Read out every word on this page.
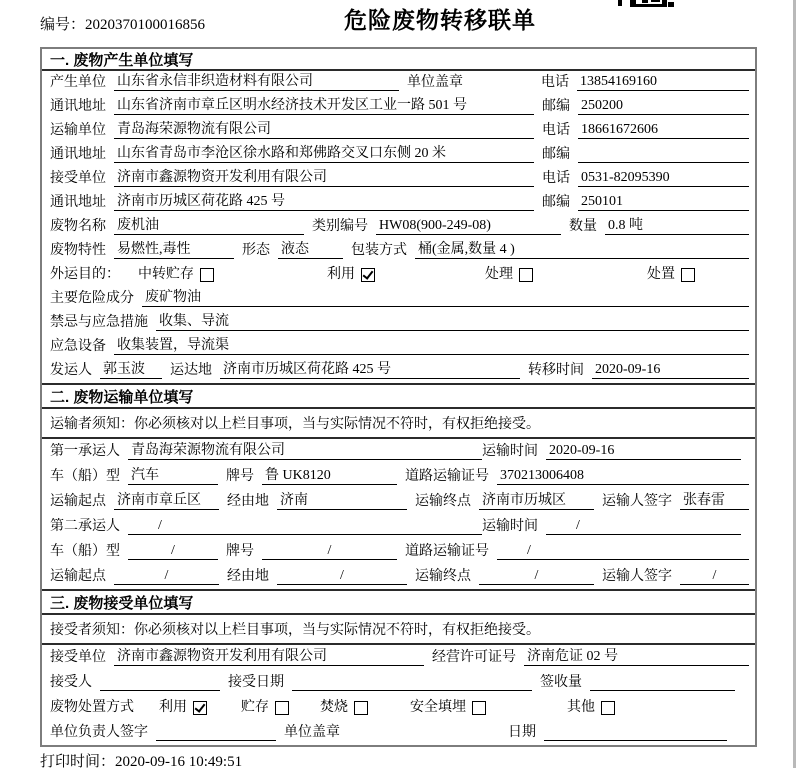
编号：2020370100016856	危险废物转移联单
一. 废物产生单位填写
产生单位 山东省永信非织造材料有限公司	单位盖章	电话 13854169160
通讯地址 山东省济南市章丘区明水经济技术开发区工业一路 501 号	邮编 250200
运输单位 青岛海荣源物流有限公司	电话 18661672606
通讯地址 山东省青岛市李沧区徐水路和郑佛路交叉口东侧 20 米	邮编
接受单位 济南市鑫源物资开发利用有限公司	电话 0531-82095390
通讯地址 济南市历城区荷花路 425 号	邮编 250101
废物名称 废机油	类别编号 HW08(900-249-08)	数量 0.8 吨
废物特性 易燃性,毒性	形态 液态	包装方式 桶(金属,数量 4 )
外运目的： 中转贮存	利用	处理	处置
主要危险成分 废矿物油
禁忌与应急措施 收集、导流
应急设备 收集装置，导流渠
发运人 郭玉波	运达地 济南市历城区荷花路 425 号	转移时间 2020-09-16
二. 废物运输单位填写
运输者须知：你必须核对以上栏目事项，当与实际情况不符时，有权拒绝接受。
第一承运人 青岛海荣源物流有限公司	运输时间 2020-09-16
车（船）型 汽车	牌号 鲁 UK8120	道路运输证号 370213006408
运输起点 济南市章丘区	经由地 济南	运输终点 济南市历城区	运输人签字 张春雷
第二承运人	/	运输时间	/
车（船）型	/	牌号	/	道路运输证号	/
运输起点	/	经由地	/	运输终点	/	运输人签字	/
三. 废物接受单位填写
接受者须知：你必须核对以上栏目事项，当与实际情况不符时，有权拒绝接受。
接受单位 济南市鑫源物资开发利用有限公司	经营许可证号 济南危证 02 号
接受人	接受日期	签收量
废物处置方式 利用	贮存	焚烧	安全填埋	其他
单位负责人签字	单位盖章	日期
打印时间：2020-09-16 10:49:51
